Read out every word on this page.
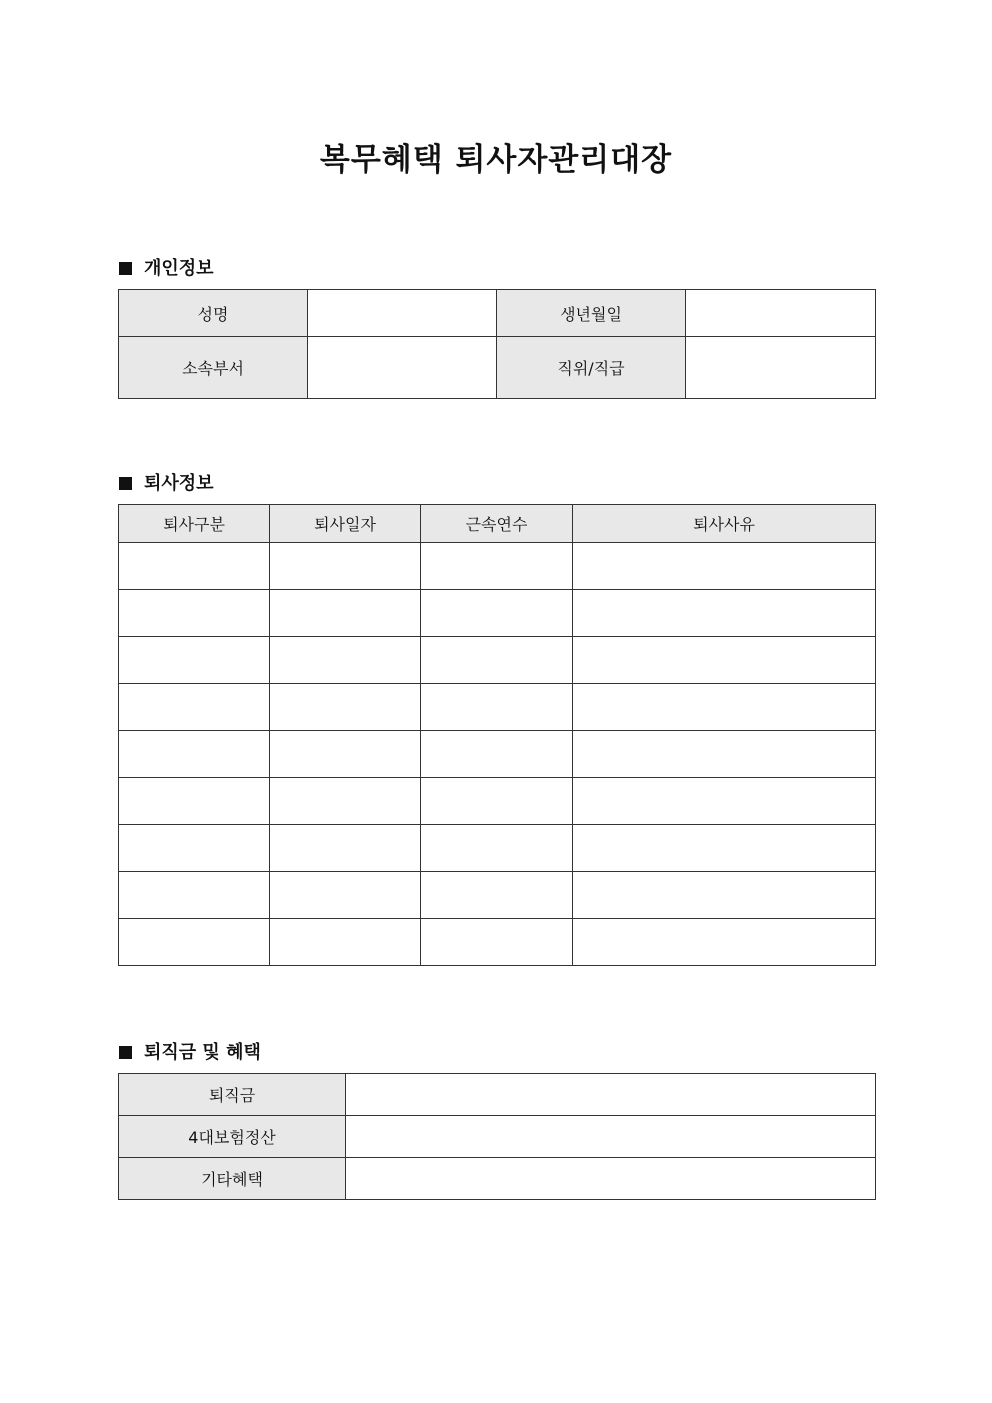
복무혜택 퇴사자관리대장
개인정보
성명		생년월일	
소속부서		직위/직급	
퇴사정보
퇴사구분	퇴사일자	근속연수	퇴사사유

퇴직금 및 혜택
퇴직금	
4대보험정산	
기타혜택	
